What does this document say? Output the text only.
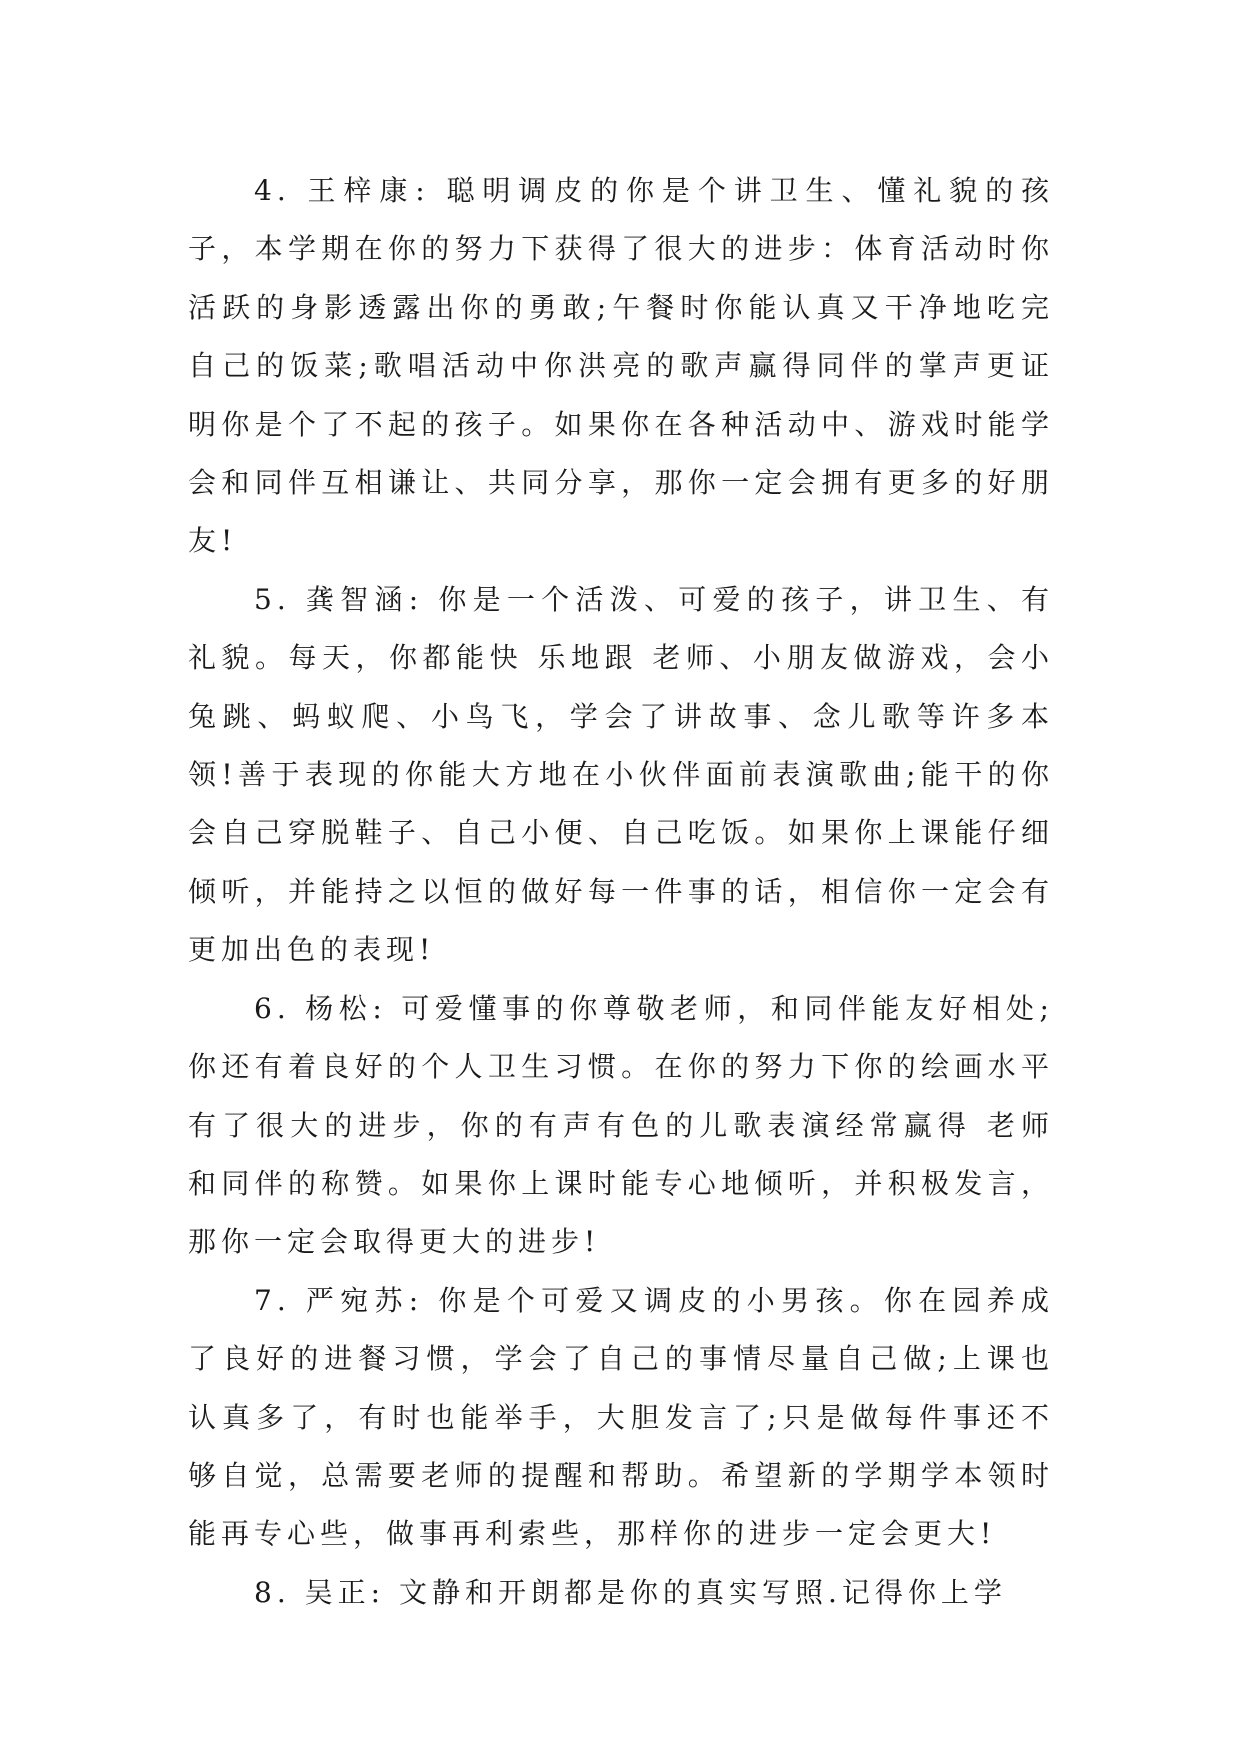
4. 王梓康: 聪明调皮的你是个讲卫生、懂礼貌的孩子，本学期在你的努力下获得了很大的进步：体育活动时你活跃的身影透露出你的勇敢;午餐时你能认真又干净地吃完自己的饭菜;歌唱活动中你洪亮的歌声赢得同伴的掌声更证明你是个了不起的孩子。如果你在各种活动中、游戏时能学会和同伴互相谦让、共同分享，那你一定会拥有更多的好朋友!

5. 龚智涵: 你是一个活泼、可爱的孩子，讲卫生、有礼貌。每天，你都能快 乐地跟 老师、小朋友做游戏，会小兔跳、蚂蚁爬、小鸟飞，学会了讲故事、念儿歌等许多本领!善于表现的你能大方地在小伙伴面前表演歌曲;能干的你会自己穿脱鞋子、自己小便、自己吃饭。如果你上课能仔细倾听，并能持之以恒的做好每一件事的话，相信你一定会有更加出色的表现!

6. 杨松: 可爱懂事的你尊敬老师，和同伴能友好相处;你还有着良好的个人卫生习惯。在你的努力下你的绘画水平有了很大的进步，你的有声有色的儿歌表演经常赢得 老师和同伴的称赞。如果你上课时能专心地倾听，并积极发言，那你一定会取得更大的进步!

7. 严宛苏: 你是个可爱又调皮的小男孩。你在园养成了良好的进餐习惯，学会了自己的事情尽量自己做;上课也认真多了，有时也能举手，大胆发言了;只是做每件事还不够自觉，总需要老师的提醒和帮助。希望新的学期学本领时能再专心些，做事再利索些，那样你的进步一定会更大!

8. 吴正: 文静和开朗都是你的真实写照.记得你上学
